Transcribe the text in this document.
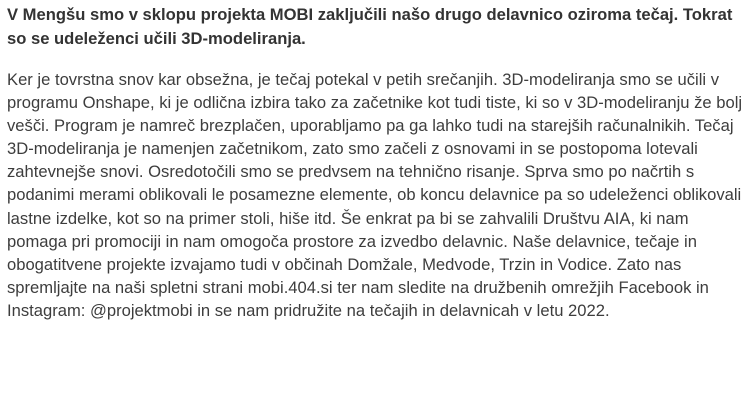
V Mengšu smo v sklopu projekta MOBI zaključili našo drugo delavnico oziroma tečaj. Tokrat so se udeleženci učili 3D-modeliranja.

Ker je tovrstna snov kar obsežna, je tečaj potekal v petih srečanjih. 3D-modeliranja smo se učili v programu Onshape, ki je odlična izbira tako za začetnike kot tudi tiste, ki so v 3D-modeliranju že bolj vešči. Program je namreč brezplačen, uporabljamo pa ga lahko tudi na starejših računalnikih. Tečaj 3D-modeliranja je namenjen začetnikom, zato smo začeli z osnovami in se postopoma lotevali zahtevnejše snovi. Osredotočili smo se predvsem na tehnično risanje. Sprva smo po načrtih s podanimi merami oblikovali le posamezne elemente, ob koncu delavnice pa so udeleženci oblikovali lastne izdelke, kot so na primer stoli, hiše itd. Še enkrat pa bi se zahvalili Društvu AIA, ki nam pomaga pri promociji in nam omogoča prostore za izvedbo delavnic. Naše delavnice, tečaje in obogatitvene projekte izvajamo tudi v občinah Domžale, Medvode, Trzin in Vodice. Zato nas spremljajte na naši spletni strani mobi.404.si ter nam sledite na družbenih omrežjih Facebook in Instagram: @projektmobi in se nam pridružite na tečajih in delavnicah v letu 2022.
